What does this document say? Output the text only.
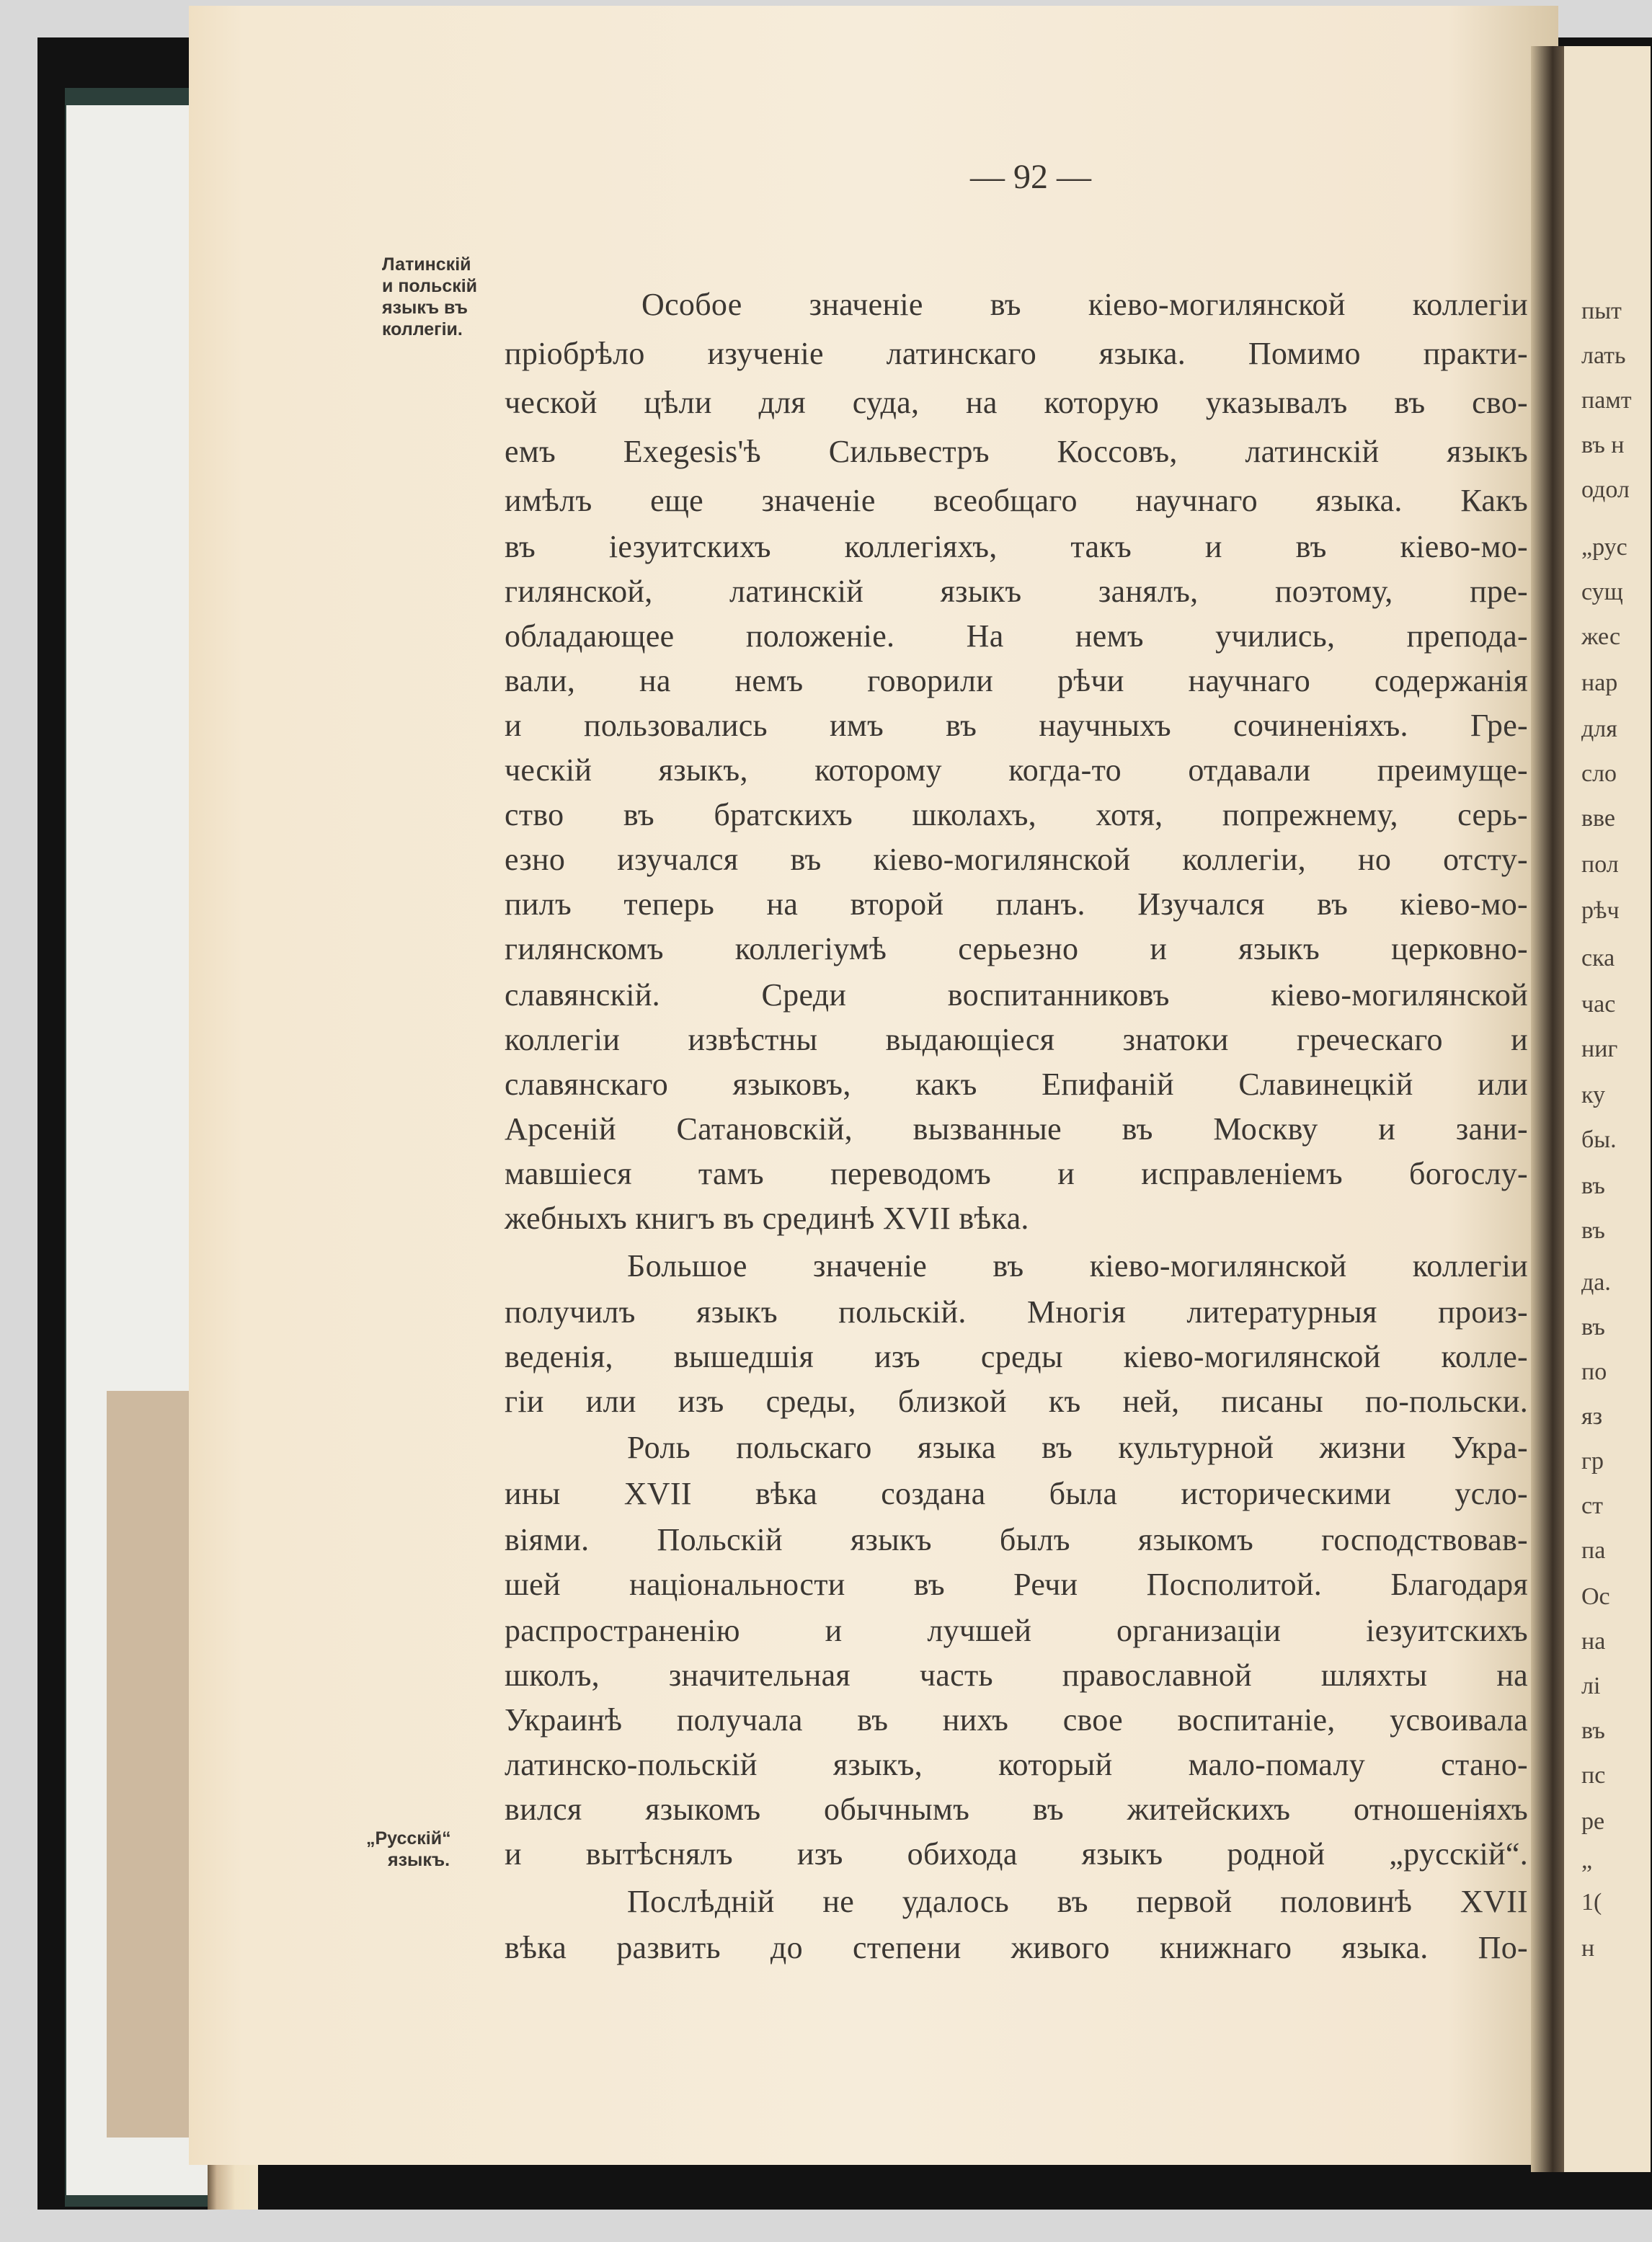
— 92 —
Латинскій
и польскій
языкъ въ
коллегіи.
„Русскій“
языкъ.
Особое значеніе въ кіево-могилянской коллегіи
пріобрѣло изученіе латинскаго языка. Помимо практи-
ческой цѣли для суда, на которую указывалъ въ сво-
емъ Exegesis'ѣ Сильвестръ Коссовъ, латинскій языкъ
имѣлъ еще значеніе всеобщаго научнаго языка. Какъ
въ іезуитскихъ коллегіяхъ, такъ и въ кіево-мо-
гилянской, латинскій языкъ занялъ, поэтому, пре-
обладающее положеніе. На немъ учились, препода-
вали, на немъ говорили рѣчи научнаго содержанія
и пользовались имъ въ научныхъ сочиненіяхъ. Гре-
ческій языкъ, которому когда-то отдавали преимуще-
ство въ братскихъ школахъ, хотя, попрежнему, серь-
езно изучался въ кіево-могилянской коллегіи, но отсту-
пилъ теперь на второй планъ. Изучался въ кіево-мо-
гилянскомъ коллегіумѣ серьезно и языкъ церковно-
славянскій. Среди воспитанниковъ кіево-могилянской
коллегіи извѣстны выдающіеся знатоки греческаго и
славянскаго языковъ, какъ Епифаній Славинецкій или
Арсеній Сатановскій, вызванные въ Москву и зани-
мавшіеся тамъ переводомъ и исправленіемъ богослу-
жебныхъ книгъ въ срединѣ XVII вѣка.
Большое значеніе въ кіево-могилянской коллегіи
получилъ языкъ польскій. Многія литературныя произ-
веденія, вышедшія изъ среды кіево-могилянской колле-
гіи или изъ среды, близкой къ ней, писаны по-польски.
Роль польскаго языка въ культурной жизни Укра-
ины XVII вѣка создана была историческими усло-
віями. Польскій языкъ былъ языкомъ господствовав-
шей національности въ Речи Посполитой. Благодаря
распространенію и лучшей организаціи іезуитскихъ
школъ, значительная часть православной шляхты на
Украинѣ получала въ нихъ свое воспитаніе, усвоивала
латинско-польскій языкъ, который мало-помалу стано-
вился языкомъ обычнымъ въ житейскихъ отношеніяхъ
и вытѣснялъ изъ обихода языкъ родной „русскій“.
Послѣдній не удалось въ первой половинѣ XVII
вѣка развить до степени живого книжнаго языка. По-
пыт
лать
памт
въ н
одол
„рус
сущ
жес
нар
для
сло
вве
пол
рѣч
ска
час
ниг
ку
бы.
въ
въ
да.
въ
по
яз
гр
ст
па
Ос
на
лі
въ
пс
ре
„
1(
н
